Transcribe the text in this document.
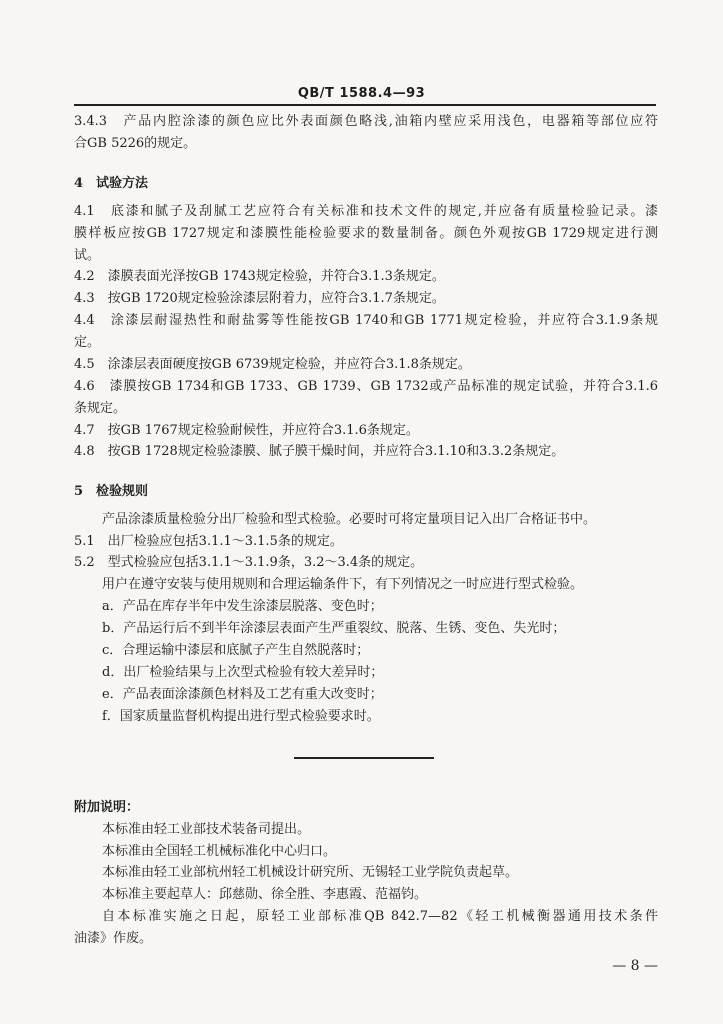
QB/T 1588.4—93
3.4.3　产品内腔涂漆的颜色应比外表面颜色略浅,油箱内壁应采用浅色，电器箱等部位应符
合GB 5226的规定。
4　试验方法
4.1　底漆和腻子及刮腻工艺应符合有关标准和技术文件的规定,并应备有质量检验记录。漆
膜样板应按GB 1727规定和漆膜性能检验要求的数量制备。颜色外观按GB 1729规定进行测
试。
4.2　漆膜表面光泽按GB 1743规定检验，并符合3.1.3条规定。
4.3　按GB 1720规定检验涂漆层附着力，应符合3.1.7条规定。
4.4　涂漆层耐湿热性和耐盐雾等性能按GB 1740和GB 1771规定检验，并应符合3.1.9条规
定。
4.5　涂漆层表面硬度按GB 6739规定检验，并应符合3.1.8条规定。
4.6　漆膜按GB 1734和GB 1733、GB 1739、GB 1732或产品标准的规定试验，并符合3.1.6
条规定。
4.7　按GB 1767规定检验耐候性，并应符合3.1.6条规定。
4.8　按GB 1728规定检验漆膜、腻子膜干燥时间，并应符合3.1.10和3.3.2条规定。
5　检验规则
产品涂漆质量检验分出厂检验和型式检验。必要时可将定量项目记入出厂合格证书中。
5.1　出厂检验应包括3.1.1～3.1.5条的规定。
5.2　型式检验应包括3.1.1～3.1.9条，3.2～3.4条的规定。
用户在遵守安装与使用规则和合理运输条件下，有下列情况之一时应进行型式检验。
a．产品在库存半年中发生涂漆层脱落、变色时；
b．产品运行后不到半年涂漆层表面产生严重裂纹、脱落、生锈、变色、失光时；
c．合理运输中漆层和底腻子产生自然脱落时；
d．出厂检验结果与上次型式检验有较大差异时；
e．产品表面涂漆颜色材料及工艺有重大改变时；
f．国家质量监督机构提出进行型式检验要求时。
附加说明：
本标准由轻工业部技术装备司提出。
本标准由全国轻工机械标准化中心归口。
本标准由轻工业部杭州轻工机械设计研究所、无锡轻工业学院负责起草。
本标准主要起草人：邱慈勋、徐全胜、李惠霞、范福钧。
自本标准实施之日起，原轻工业部标准QB 842.7—82《轻工机械衡器通用技术条件
油漆》作废。
— 8 —
